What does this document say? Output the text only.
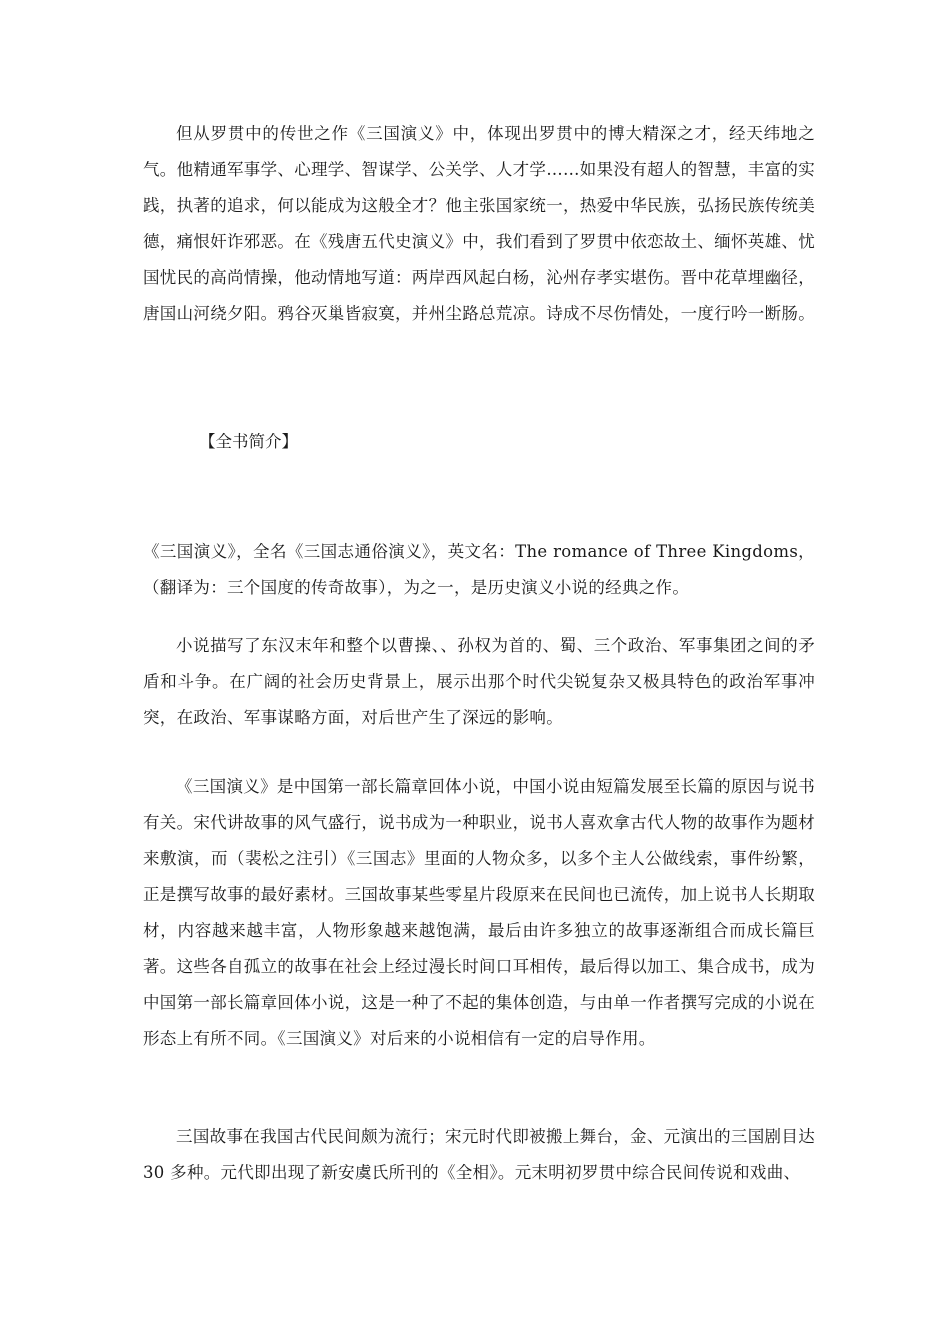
但从罗贯中的传世之作《三国演义》中，体现出罗贯中的博大精深之才，经天纬地之气。他精通军事学、心理学、智谋学、公关学、人才学……如果没有超人的智慧，丰富的实践，执著的追求，何以能成为这般全才？他主张国家统一，热爱中华民族，弘扬民族传统美德，痛恨奸诈邪恶。在《残唐五代史演义》中，我们看到了罗贯中依恋故土、缅怀英雄、忧国忧民的高尚情操，他动情地写道：两岸西风起白杨，沁州存孝实堪伤。晋中花草埋幽径，唐国山河绕夕阳。鸦谷灭巢皆寂寞，并州尘路总荒凉。诗成不尽伤情处，一度行吟一断肠。

【全书简介】

《三国演义》，全名《三国志通俗演义》，英文名：The romance of Three Kingdoms，（翻译为：三个国度的传奇故事），为之一，是历史演义小说的经典之作。

小说描写了东汉末年和整个以曹操、、孙权为首的、蜀、三个政治、军事集团之间的矛盾和斗争。在广阔的社会历史背景上，展示出那个时代尖锐复杂又极具特色的政治军事冲突，在政治、军事谋略方面，对后世产生了深远的影响。

《三国演义》是中国第一部长篇章回体小说，中国小说由短篇发展至长篇的原因与说书有关。宋代讲故事的风气盛行，说书成为一种职业，说书人喜欢拿古代人物的故事作为题材来敷演，而（裴松之注引）《三国志》里面的人物众多，以多个主人公做线索，事件纷繁，正是撰写故事的最好素材。三国故事某些零星片段原来在民间也已流传，加上说书人长期取材，内容越来越丰富，人物形象越来越饱满，最后由许多独立的故事逐渐组合而成长篇巨著。这些各自孤立的故事在社会上经过漫长时间口耳相传，最后得以加工、集合成书，成为中国第一部长篇章回体小说，这是一种了不起的集体创造，与由单一作者撰写完成的小说在形态上有所不同。《三国演义》对后来的小说相信有一定的启导作用。

三国故事在我国古代民间颇为流行；宋元时代即被搬上舞台，金、元演出的三国剧目达 30 多种。元代即出现了新安虞氏所刊的《全相》。元末明初罗贯中综合民间传说和戏曲、
